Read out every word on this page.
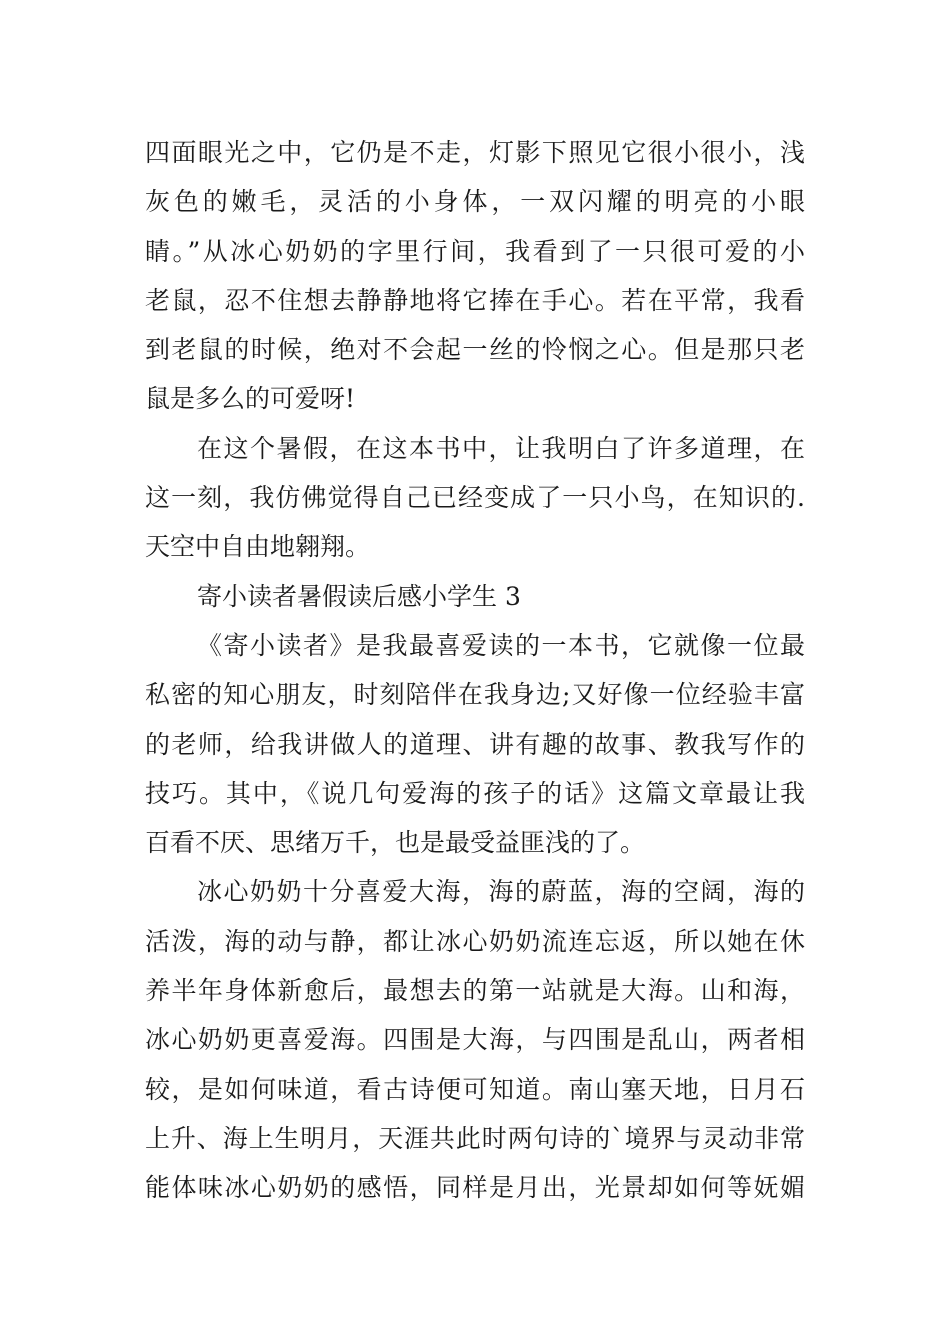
四面眼光之中，它仍是不走，灯影下照见它很小很小，浅
灰色的嫩毛，灵活的小身体，一双闪耀的明亮的小眼
睛。”从冰心奶奶的字里行间，我看到了一只很可爱的小
老鼠，忍不住想去静静地将它捧在手心。若在平常，我看
到老鼠的时候，绝对不会起一丝的怜悯之心。但是那只老
鼠是多么的可爱呀!
在这个暑假，在这本书中，让我明白了许多道理，在
这一刻，我仿佛觉得自己已经变成了一只小鸟，在知识的.
天空中自由地翱翔。
寄小读者暑假读后感小学生 3
《寄小读者》是我最喜爱读的一本书，它就像一位最
私密的知心朋友，时刻陪伴在我身边;又好像一位经验丰富
的老师，给我讲做人的道理、讲有趣的故事、教我写作的
技巧。其中，《说几句爱海的孩子的话》这篇文章最让我
百看不厌、思绪万千，也是最受益匪浅的了。
冰心奶奶十分喜爱大海，海的蔚蓝，海的空阔，海的
活泼，海的动与静，都让冰心奶奶流连忘返，所以她在休
养半年身体新愈后，最想去的第一站就是大海。山和海，
冰心奶奶更喜爱海。四围是大海，与四围是乱山，两者相
较，是如何味道，看古诗便可知道。南山塞天地，日月石
上升、海上生明月，天涯共此时两句诗的`境界与灵动非常
能体味冰心奶奶的感悟，同样是月出，光景却如何等妩媚
